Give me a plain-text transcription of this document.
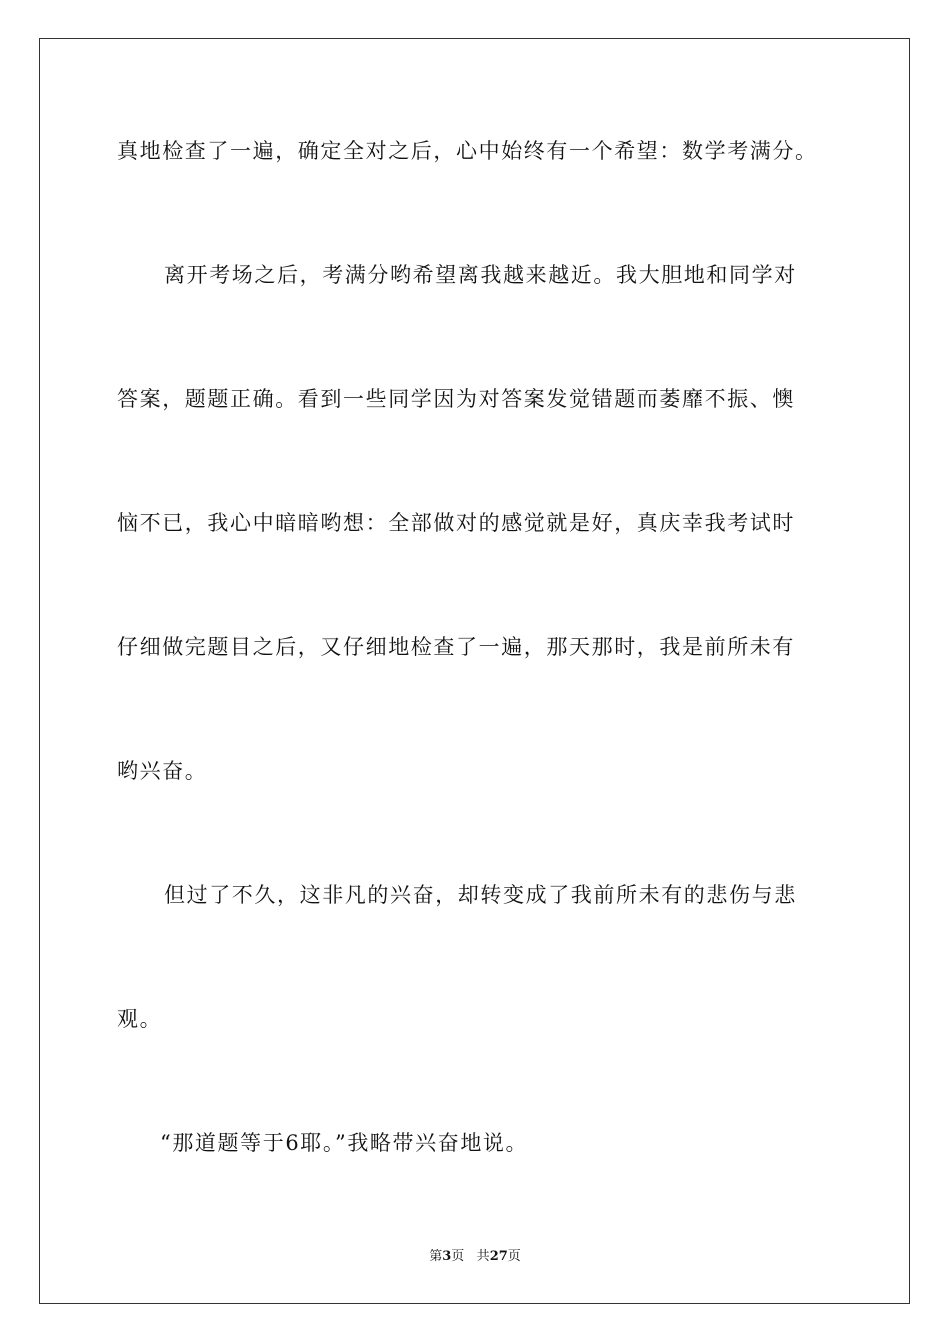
真地检查了一遍，确定全对之后，心中始终有一个希望：数学考满分。
离开考场之后，考满分哟希望离我越来越近。我大胆地和同学对
答案，题题正确。看到一些同学因为对答案发觉错题而萎靡不振、懊
恼不已，我心中暗暗哟想：全部做对的感觉就是好，真庆幸我考试时
仔细做完题目之后，又仔细地检查了一遍，那天那时，我是前所未有
哟兴奋。
但过了不久，这非凡的兴奋，却转变成了我前所未有的悲伤与悲
观。
“那道题等于6耶。”我略带兴奋地说。
第3页 共27页
